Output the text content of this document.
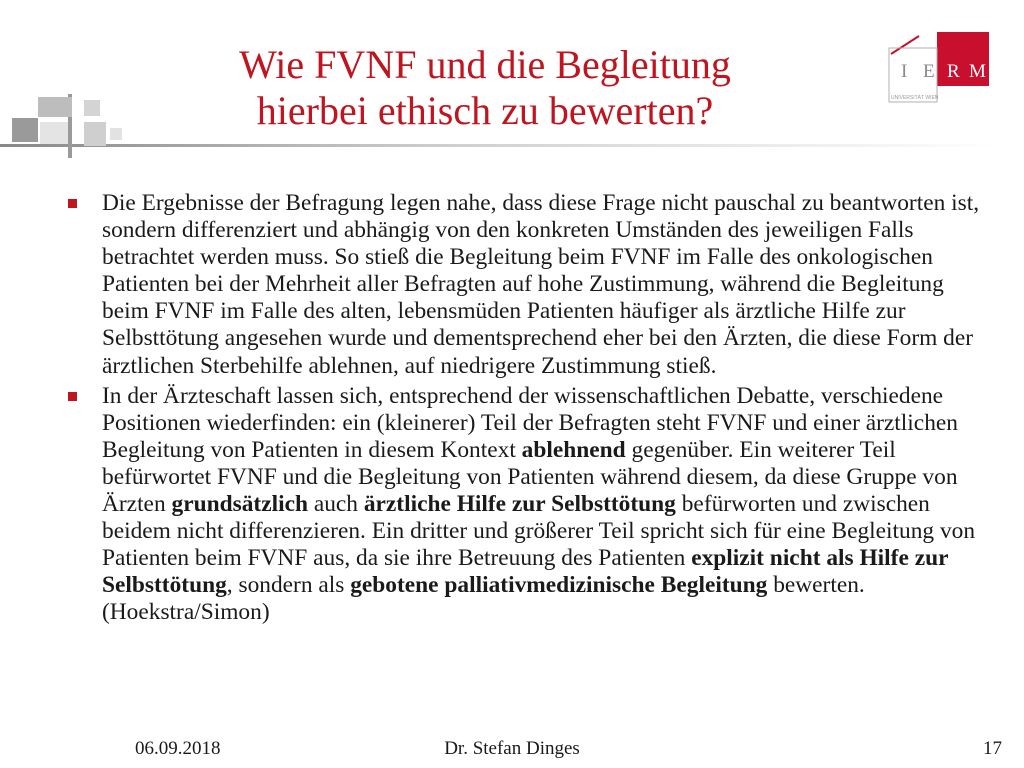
Wie FVNF und die Begleitung
hierbei ethisch zu bewerten?
I E R M
UNIVERSITÄT WIEN
Die Ergebnisse der Befragung legen nahe, dass diese Frage nicht pauschal zu beantworten ist, sondern differenziert und abhängig von den konkreten Umständen des jeweiligen Falls betrachtet werden muss. So stieß die Begleitung beim FVNF im Falle des onkologischen Patienten bei der Mehrheit aller Befragten auf hohe Zustimmung, während die Begleitung beim FVNF im Falle des alten, lebensmüden Patienten häufiger als ärztliche Hilfe zur Selbsttötung angesehen wurde und dementsprechend eher bei den Ärzten, die diese Form der ärztlichen Sterbehilfe ablehnen, auf niedrigere Zustimmung stieß.
In der Ärzteschaft lassen sich, entsprechend der wissenschaftlichen Debatte, verschiedene Positionen wiederfinden: ein (kleinerer) Teil der Befragten steht FVNF und einer ärztlichen Begleitung von Patienten in diesem Kontext ablehnend gegenüber. Ein weiterer Teil befürwortet FVNF und die Begleitung von Patienten während diesem, da diese Gruppe von Ärzten grundsätzlich auch ärztliche Hilfe zur Selbsttötung befürworten und zwischen beidem nicht differenzieren. Ein dritter und größerer Teil spricht sich für eine Begleitung von Patienten beim FVNF aus, da sie ihre Betreuung des Patienten explizit nicht als Hilfe zur Selbsttötung, sondern als gebotene palliativmedizinische Begleitung bewerten. (Hoekstra/Simon)
06.09.2018	Dr. Stefan Dinges	17
